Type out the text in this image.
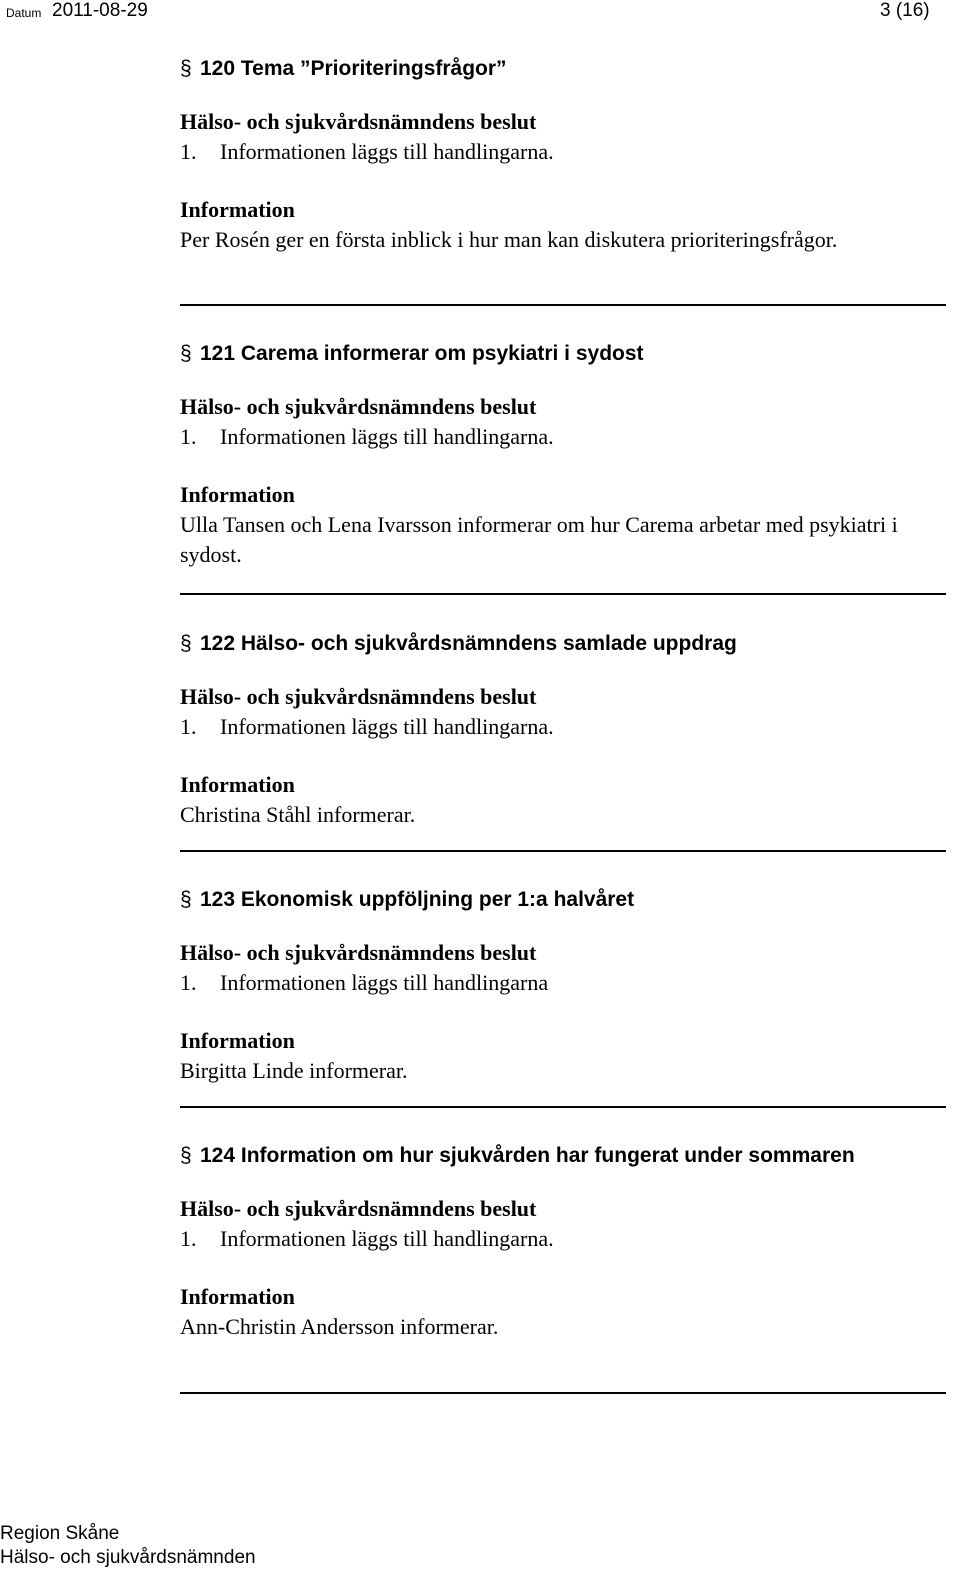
Datum 2011-08-29	3 (16)
§ 120 Tema ”Prioriteringsfrågor”
Hälso- och sjukvårdsnämndens beslut
1. Informationen läggs till handlingarna.
Information
Per Rosén ger en första inblick i hur man kan diskutera prioriteringsfrågor.
§ 121 Carema informerar om psykiatri i sydost
Hälso- och sjukvårdsnämndens beslut
1. Informationen läggs till handlingarna.
Information
Ulla Tansen och Lena Ivarsson informerar om hur Carema arbetar med psykiatri i sydost.
§ 122 Hälso- och sjukvårdsnämndens samlade uppdrag
Hälso- och sjukvårdsnämndens beslut
1. Informationen läggs till handlingarna.
Information
Christina Ståhl informerar.
§ 123 Ekonomisk uppföljning per 1:a halvåret
Hälso- och sjukvårdsnämndens beslut
1. Informationen läggs till handlingarna
Information
Birgitta Linde informerar.
§ 124 Information om hur sjukvården har fungerat under sommaren
Hälso- och sjukvårdsnämndens beslut
1. Informationen läggs till handlingarna.
Information
Ann-Christin Andersson informerar.
Region Skåne
Hälso- och sjukvårdsnämnden
